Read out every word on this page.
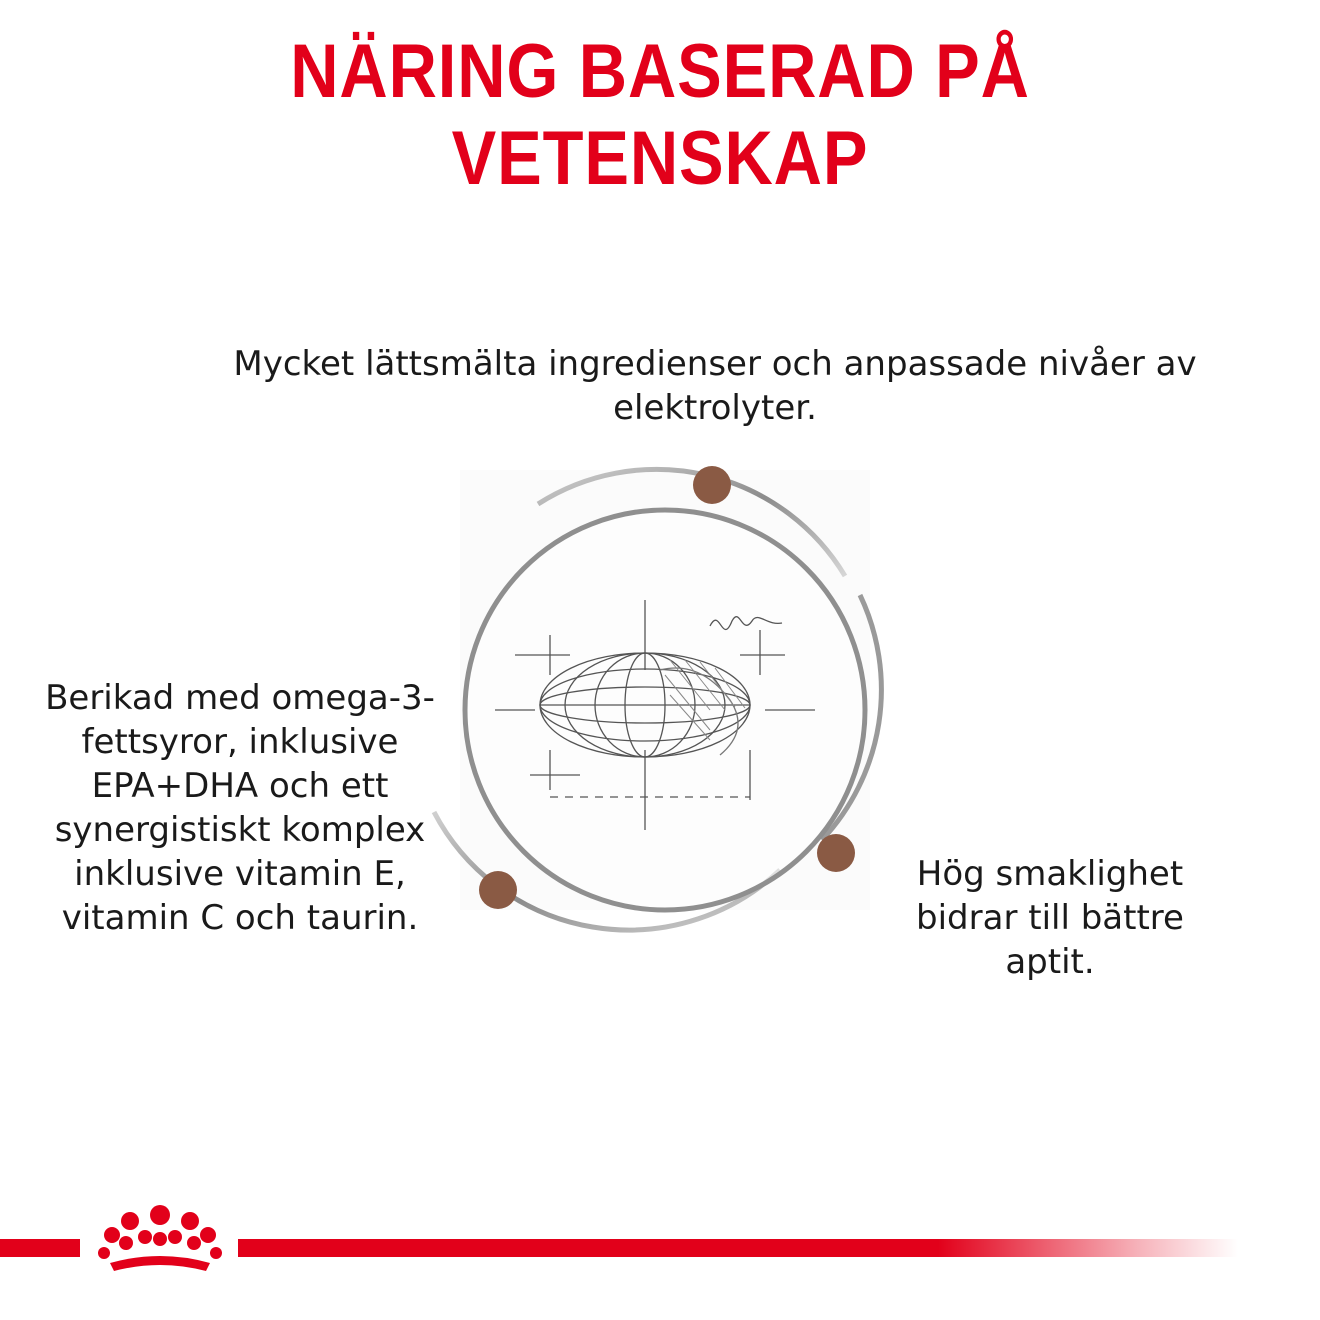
NÄRING BASERAD PÅ VETENSKAP

Mycket lättsmälta ingredienser och anpassade nivåer av elektrolyter.

Berikad med omega-3-fettsyror, inklusive EPA+DHA och ett synergistiskt komplex inklusive vitamin E, vitamin C och taurin.

Hög smaklighet bidrar till bättre aptit.
